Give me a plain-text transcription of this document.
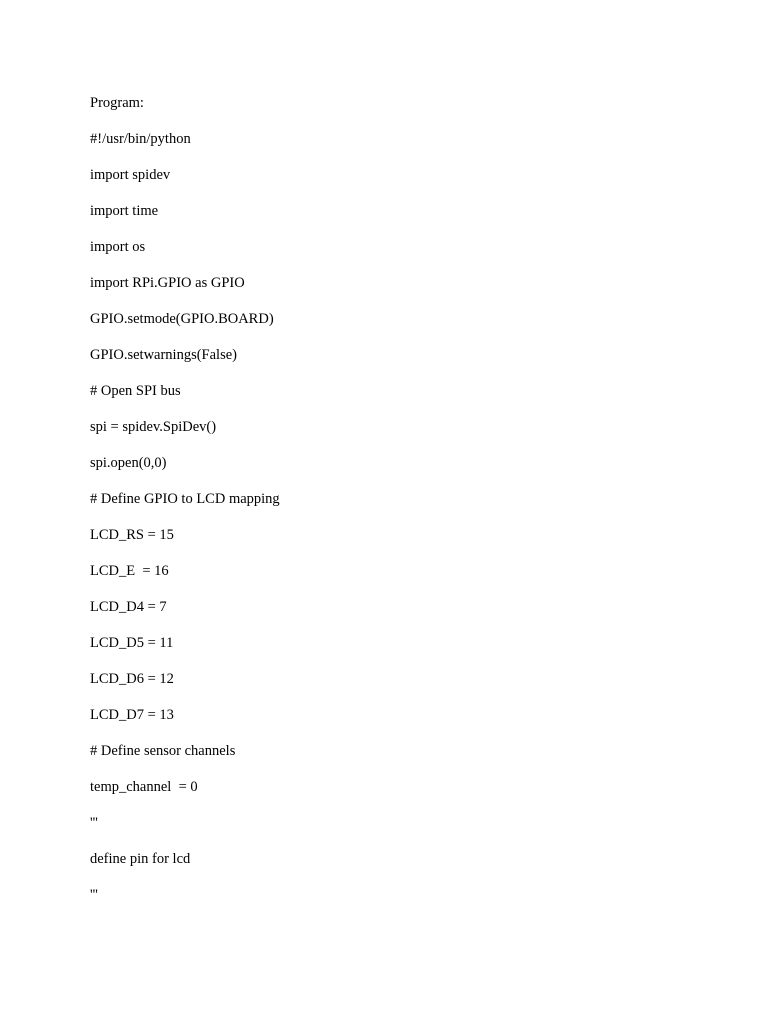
Program:
#!/usr/bin/python
import spidev
import time
import os
import RPi.GPIO as GPIO
GPIO.setmode(GPIO.BOARD)
GPIO.setwarnings(False)
# Open SPI bus
spi = spidev.SpiDev()
spi.open(0,0)
# Define GPIO to LCD mapping
LCD_RS = 15
LCD_E  = 16
LCD_D4 = 7
LCD_D5 = 11
LCD_D6 = 12
LCD_D7 = 13
# Define sensor channels
temp_channel  = 0
'''
define pin for lcd
'''
